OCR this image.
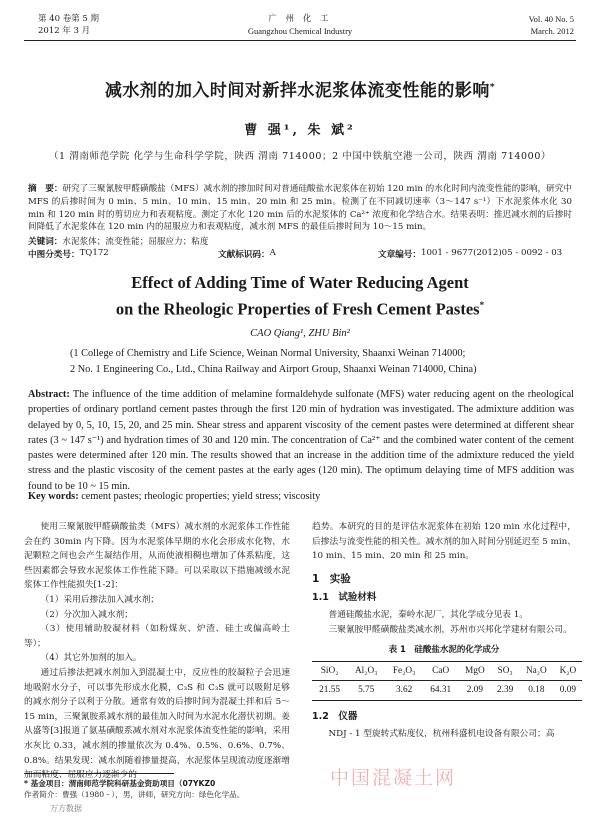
第 40 卷第 5 期
2012 年 3 月
广 州 化 工
Guangzhou Chemical Industry
Vol. 40 No. 5
March. 2012
减水剂的加入时间对新拌水泥浆体流变性能的影响*
曹 强¹, 朱 斌²
（1 渭南师范学院 化学与生命科学学院，陕西 渭南 714000；2 中国中铁航空港一公司，陕西 渭南 714000）
摘　要：研究了三聚氰胺甲醛磺酸盐（MFS）减水剂的掺加时间对普通硅酸盐水泥浆体在初始 120 min 的水化时间内流变性能的影响，研究中 MFS 的后掺时间为 0 min、5 min、10 min、15 min、20 min 和 25 min。检测了在不同减切速率（3～147 s⁻¹）下水泥浆体水化 30 min 和 120 min 时的剪切应力和表观粘度。测定了水化 120 min 后的水泥浆体的 Ca²⁺ 浓度和化学结合水。结果表明：推迟减水剂的后掺时间降低了水泥浆体在 120 min 内的屈服应力和表观粘度，减水剂 MFS 的最佳后掺时间为 10～15 min。
关键词：水泥浆体；流变性能；屈服应力；粘度
中图分类号： TQ172	文献标识码： A	文章编号： 1001 - 9677(2012)05 - 0092 - 03
Effect of Adding Time of Water Reducing Agent
on the Rheologic Properties of Fresh Cement Pastes*
CAO Qiang¹, ZHU Bin²
(1 College of Chemistry and Life Science, Weinan Normal University, Shaanxi Weinan 714000;
2 No. 1 Engineering Co., Ltd., China Railway and Airport Group, Shaanxi Weinan 714000, China)
Abstract: The influence of the time addition of melamine formaldehyde sulfonate (MFS) water reducing agent on the rheological properties of ordinary portland cement pastes through the first 120 min of hydration was investigated. The admixture addition was delayed by 0, 5, 10, 15, 20, and 25 min. Shear stress and apparent viscosity of the cement pastes were determined at different shear rates (3 ~ 147 s⁻¹) and hydration times of 30 and 120 min. The concentration of Ca²⁺ and the combined water content of the cement pastes were determined after 120 min. The results showed that an increase in the addition time of the admixture reduced the yield stress and the plastic viscosity of the cement pastes at the early ages (120 min). The optimum delaying time of MFS addition was found to be 10 ~ 15 min.
Key words: cement pastes; rheologic properties; yield stress; viscosity

使用三聚氰胺甲醛磺酸盐类（MFS）减水剂的水泥浆体工作性能会在约 30min 内下降。因为水泥浆体早期的水化会形成水化物，水泥颗粒之间也会产生凝结作用，从而使液相稠也增加了体系粘度，这些因素都会导致水泥浆体工作性能下降。可以采取以下措施减缓水泥浆体工作性能损失[1-2]：

（1）采用后掺法加入减水剂；

（2）分次加入减水剂；

（3）使用辅助胶凝材料（如粉煤灰、炉渣、硅土或偏高岭土等）；

（4）其它外加剂的加入。

通过后掺法把减水剂加入到混凝土中，反应性的胶凝粒子会迅速地吸附水分子，可以事先形成水化膜，C₃S 和 C₃S 就可以吸附足够的减水剂分子以利于分散。通常有效的后掺时间为混凝土拌和后 5～15 min，三聚氰胺系减水剂的最佳加入时间为水泥水化潜伏初期。姜从盛等[3]报道了氨基磺酸系减水剂对水泥浆体流变性能的影响，采用水灰比 0.33，减水剂的掺量依次为 0.4%、0.5%、0.6%、0.7%、0.8%。结果发现：减水剂随着掺量提高，水泥浆体呈现流动度逐渐增加而粘度、屈服应力逐渐少的

趋势。本研究的目的是评估水泥浆体在初始 120 min 水化过程中，后掺法与流变性能的相关性。减水剂的加入时间分别延迟至 5 min、10 min、15 min、20 min 和 25 min。

1　实验

1.1　试验材料

普通硅酸盐水泥，秦岭水泥厂，其化学成分见表 1。

三聚氰胺甲醛磺酸盐类减水剂，苏州市兴邦化学建材有限公司。

表 1　硅酸盐水泥的化学成分

SiO₂	Al₂O₃	Fe₂O₃	CaO	MgO	SO₃	Na₂O	K₂O
21.55	5.75	3.62	64.31	2.09	2.39	0.18	0.09

1.2　仪器

NDJ - 1 型旋转式粘度仪，杭州科盛机电设备有限公司；高

* 基金项目：渭南师范学院科研基金资助项目（07YKZ0
作者简介：曹强（1980 - ），男，讲师，研究方向：绿色化学品。
中国混凝土网
万方数据
